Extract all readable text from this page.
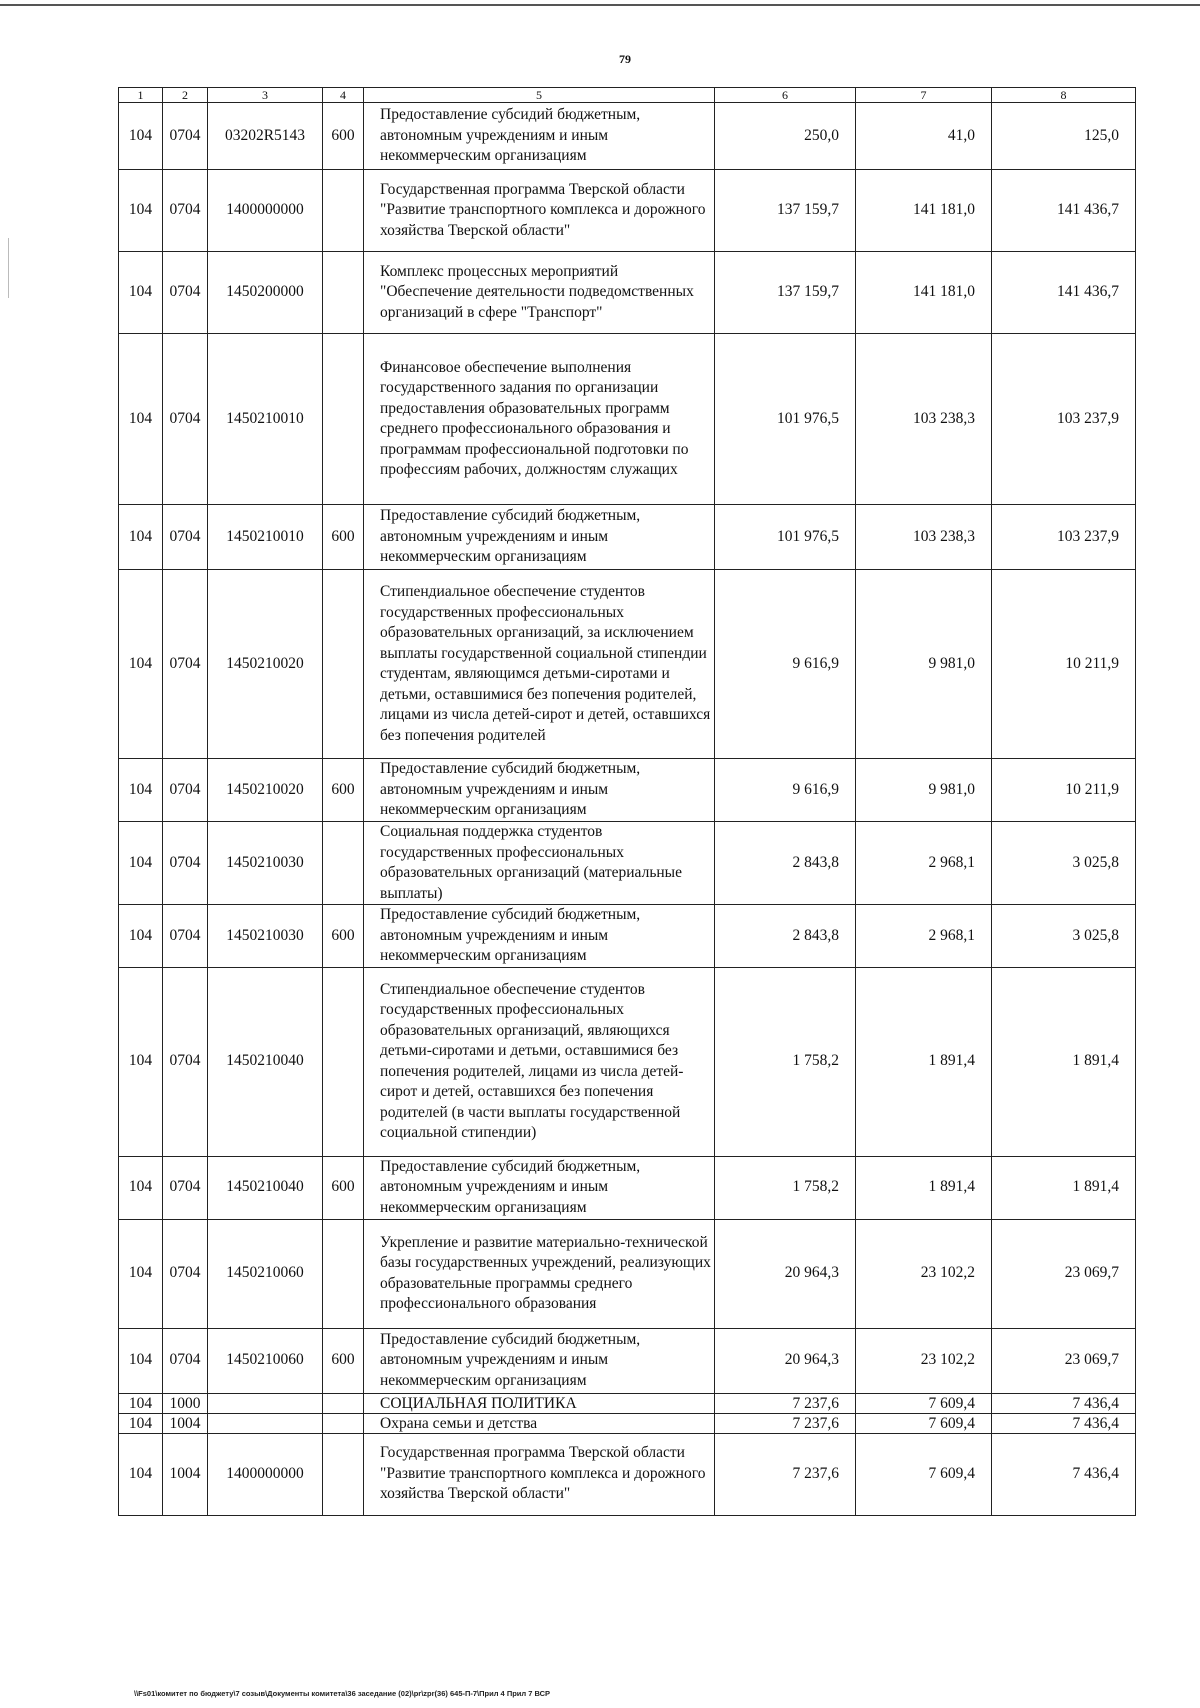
79
1	2	3	4	5	6	7	8
104	0704	03202R5143	600	Предоставление субсидий бюджетным, автономным учреждениям и иным некоммерческим организациям	250,0	41,0	125,0
104	0704	1400000000		Государственная программа Тверской области "Развитие транспортного комплекса и дорожного хозяйства Тверской области"	137 159,7	141 181,0	141 436,7
104	0704	1450200000		Комплекс процессных мероприятий "Обеспечение деятельности подведомственных организаций в сфере "Транспорт"	137 159,7	141 181,0	141 436,7
104	0704	1450210010		Финансовое обеспечение выполнения государственного задания по организации предоставления образовательных программ среднего профессионального образования и программам профессиональной подготовки по профессиям рабочих, должностям служащих	101 976,5	103 238,3	103 237,9
104	0704	1450210010	600	Предоставление субсидий бюджетным, автономным учреждениям и иным некоммерческим организациям	101 976,5	103 238,3	103 237,9
104	0704	1450210020		Стипендиальное обеспечение студентов государственных профессиональных образовательных организаций, за исключением выплаты государственной социальной стипендии студентам, являющимся детьми-сиротами и детьми, оставшимися без попечения родителей, лицами из числа детей-сирот и детей, оставшихся без попечения родителей	9 616,9	9 981,0	10 211,9
104	0704	1450210020	600	Предоставление субсидий бюджетным, автономным учреждениям и иным некоммерческим организациям	9 616,9	9 981,0	10 211,9
104	0704	1450210030		Социальная поддержка студентов государственных профессиональных образовательных организаций (материальные выплаты)	2 843,8	2 968,1	3 025,8
104	0704	1450210030	600	Предоставление субсидий бюджетным, автономным учреждениям и иным некоммерческим организациям	2 843,8	2 968,1	3 025,8
104	0704	1450210040		Стипендиальное обеспечение студентов государственных профессиональных образовательных организаций, являющихся детьми-сиротами и детьми, оставшимися без попечения родителей, лицами из числа детей-сирот и детей, оставшихся без попечения родителей (в части выплаты государственной социальной стипендии)	1 758,2	1 891,4	1 891,4
104	0704	1450210040	600	Предоставление субсидий бюджетным, автономным учреждениям и иным некоммерческим организациям	1 758,2	1 891,4	1 891,4
104	0704	1450210060		Укрепление и развитие материально-технической базы государственных учреждений, реализующих образовательные программы среднего профессионального образования	20 964,3	23 102,2	23 069,7
104	0704	1450210060	600	Предоставление субсидий бюджетным, автономным учреждениям и иным некоммерческим организациям	20 964,3	23 102,2	23 069,7
104	1000			СОЦИАЛЬНАЯ ПОЛИТИКА	7 237,6	7 609,4	7 436,4
104	1004			Охрана семьи и детства	7 237,6	7 609,4	7 436,4
104	1004	1400000000		Государственная программа Тверской области "Развитие транспортного комплекса и дорожного хозяйства Тверской области"	7 237,6	7 609,4	7 436,4
\\Fs01\комитет по бюджету\7 созыв\Документы комитета\36 заседание (02)\pr\zpr(36) 645-П-7\Прил 4 Прил 7 ВСР
